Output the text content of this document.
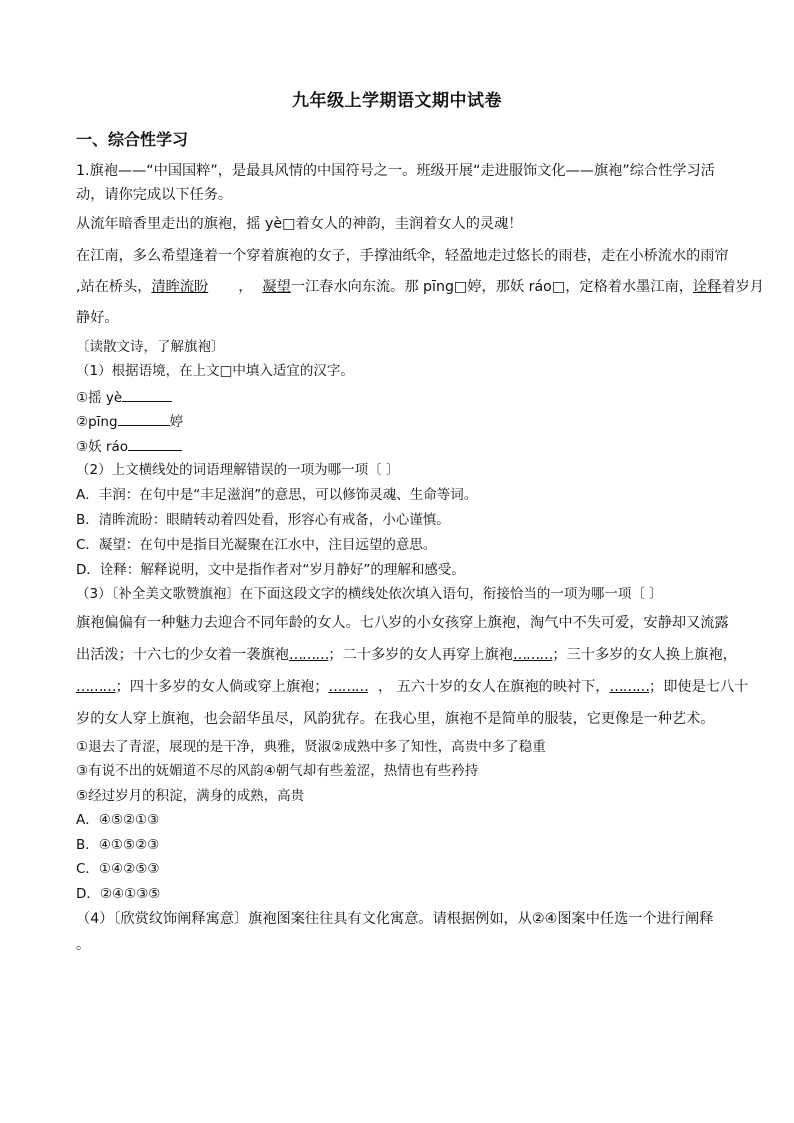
九年级上学期语文期中试卷
一、综合性学习
1.旗袍——“中国国粹”，是最具风情的中国符号之一。班级开展“走进服饰文化——旗袍”综合性学习活
动，请你完成以下任务。
从流年暗香里走出的旗袍，摇 yè□着女人的神韵，圭润着女人的灵魂！
在江南，多么希望逢着一个穿着旗袍的女子，手撑油纸伞，轻盈地走过悠长的雨巷，走在小桥流水的雨帘
,站在桥头，清眸流盼 ， 凝望一江春水向东流。那 pīng□婷，那妖 ráo□，定格着水墨江南，诠释着岁月
静好。
〔读散文诗，了解旗袍〕
（1）根据语境，在上文□中填入适宜的汉字。
①摇 yè
②pīng	婷
③妖 ráo
（2）上文横线处的词语理解错误的一项为哪一项〔 〕
A．丰润：在句中是“丰足滋润”的意思，可以修饰灵魂、生命等词。
B．清眸流盼：眼睛转动着四处看，形容心有戒备，小心谨慎。
C．凝望：在句中是指目光凝聚在江水中，注目远望的意思。
D．诠释：解释说明，文中是指作者对“岁月静好”的理解和感受。
（3）〔补全美文歌赞旗袍〕在下面这段文字的横线处依次填入语句，衔接恰当的一项为哪一项〔 〕
旗袍偏偏有一种魅力去迎合不同年龄的女人。七八岁的小女孩穿上旗袍，淘气中不失可爱，安静却又流露
出活泼；十六七的少女着一袭旗袍………；二十多岁的女人再穿上旗袍………；三十多岁的女人换上旗袍，
………；四十多岁的女人倘或穿上旗袍；……… ， 五六十岁的女人在旗袍的映衬下，………；即使是七八十
岁的女人穿上旗袍，也会韶华虽尽，风韵犹存。在我心里，旗袍不是简单的服装，它更像是一种艺术。
①退去了青涩，展现的是干净，典雅，贤淑②成熟中多了知性，高贵中多了稳重
③有说不出的妩媚道不尽的风韵④朝气却有些羞涩，热情也有些矜持
⑤经过岁月的积淀，满身的成熟，高贵
A．④⑤②①③
B．④①⑤②③
C．①④②⑤③
D．②④①③⑤
（4）〔欣赏纹饰阐释寓意〕旗袍图案往往具有文化寓意。请根据例如，从②④图案中任选一个进行阐释
。
